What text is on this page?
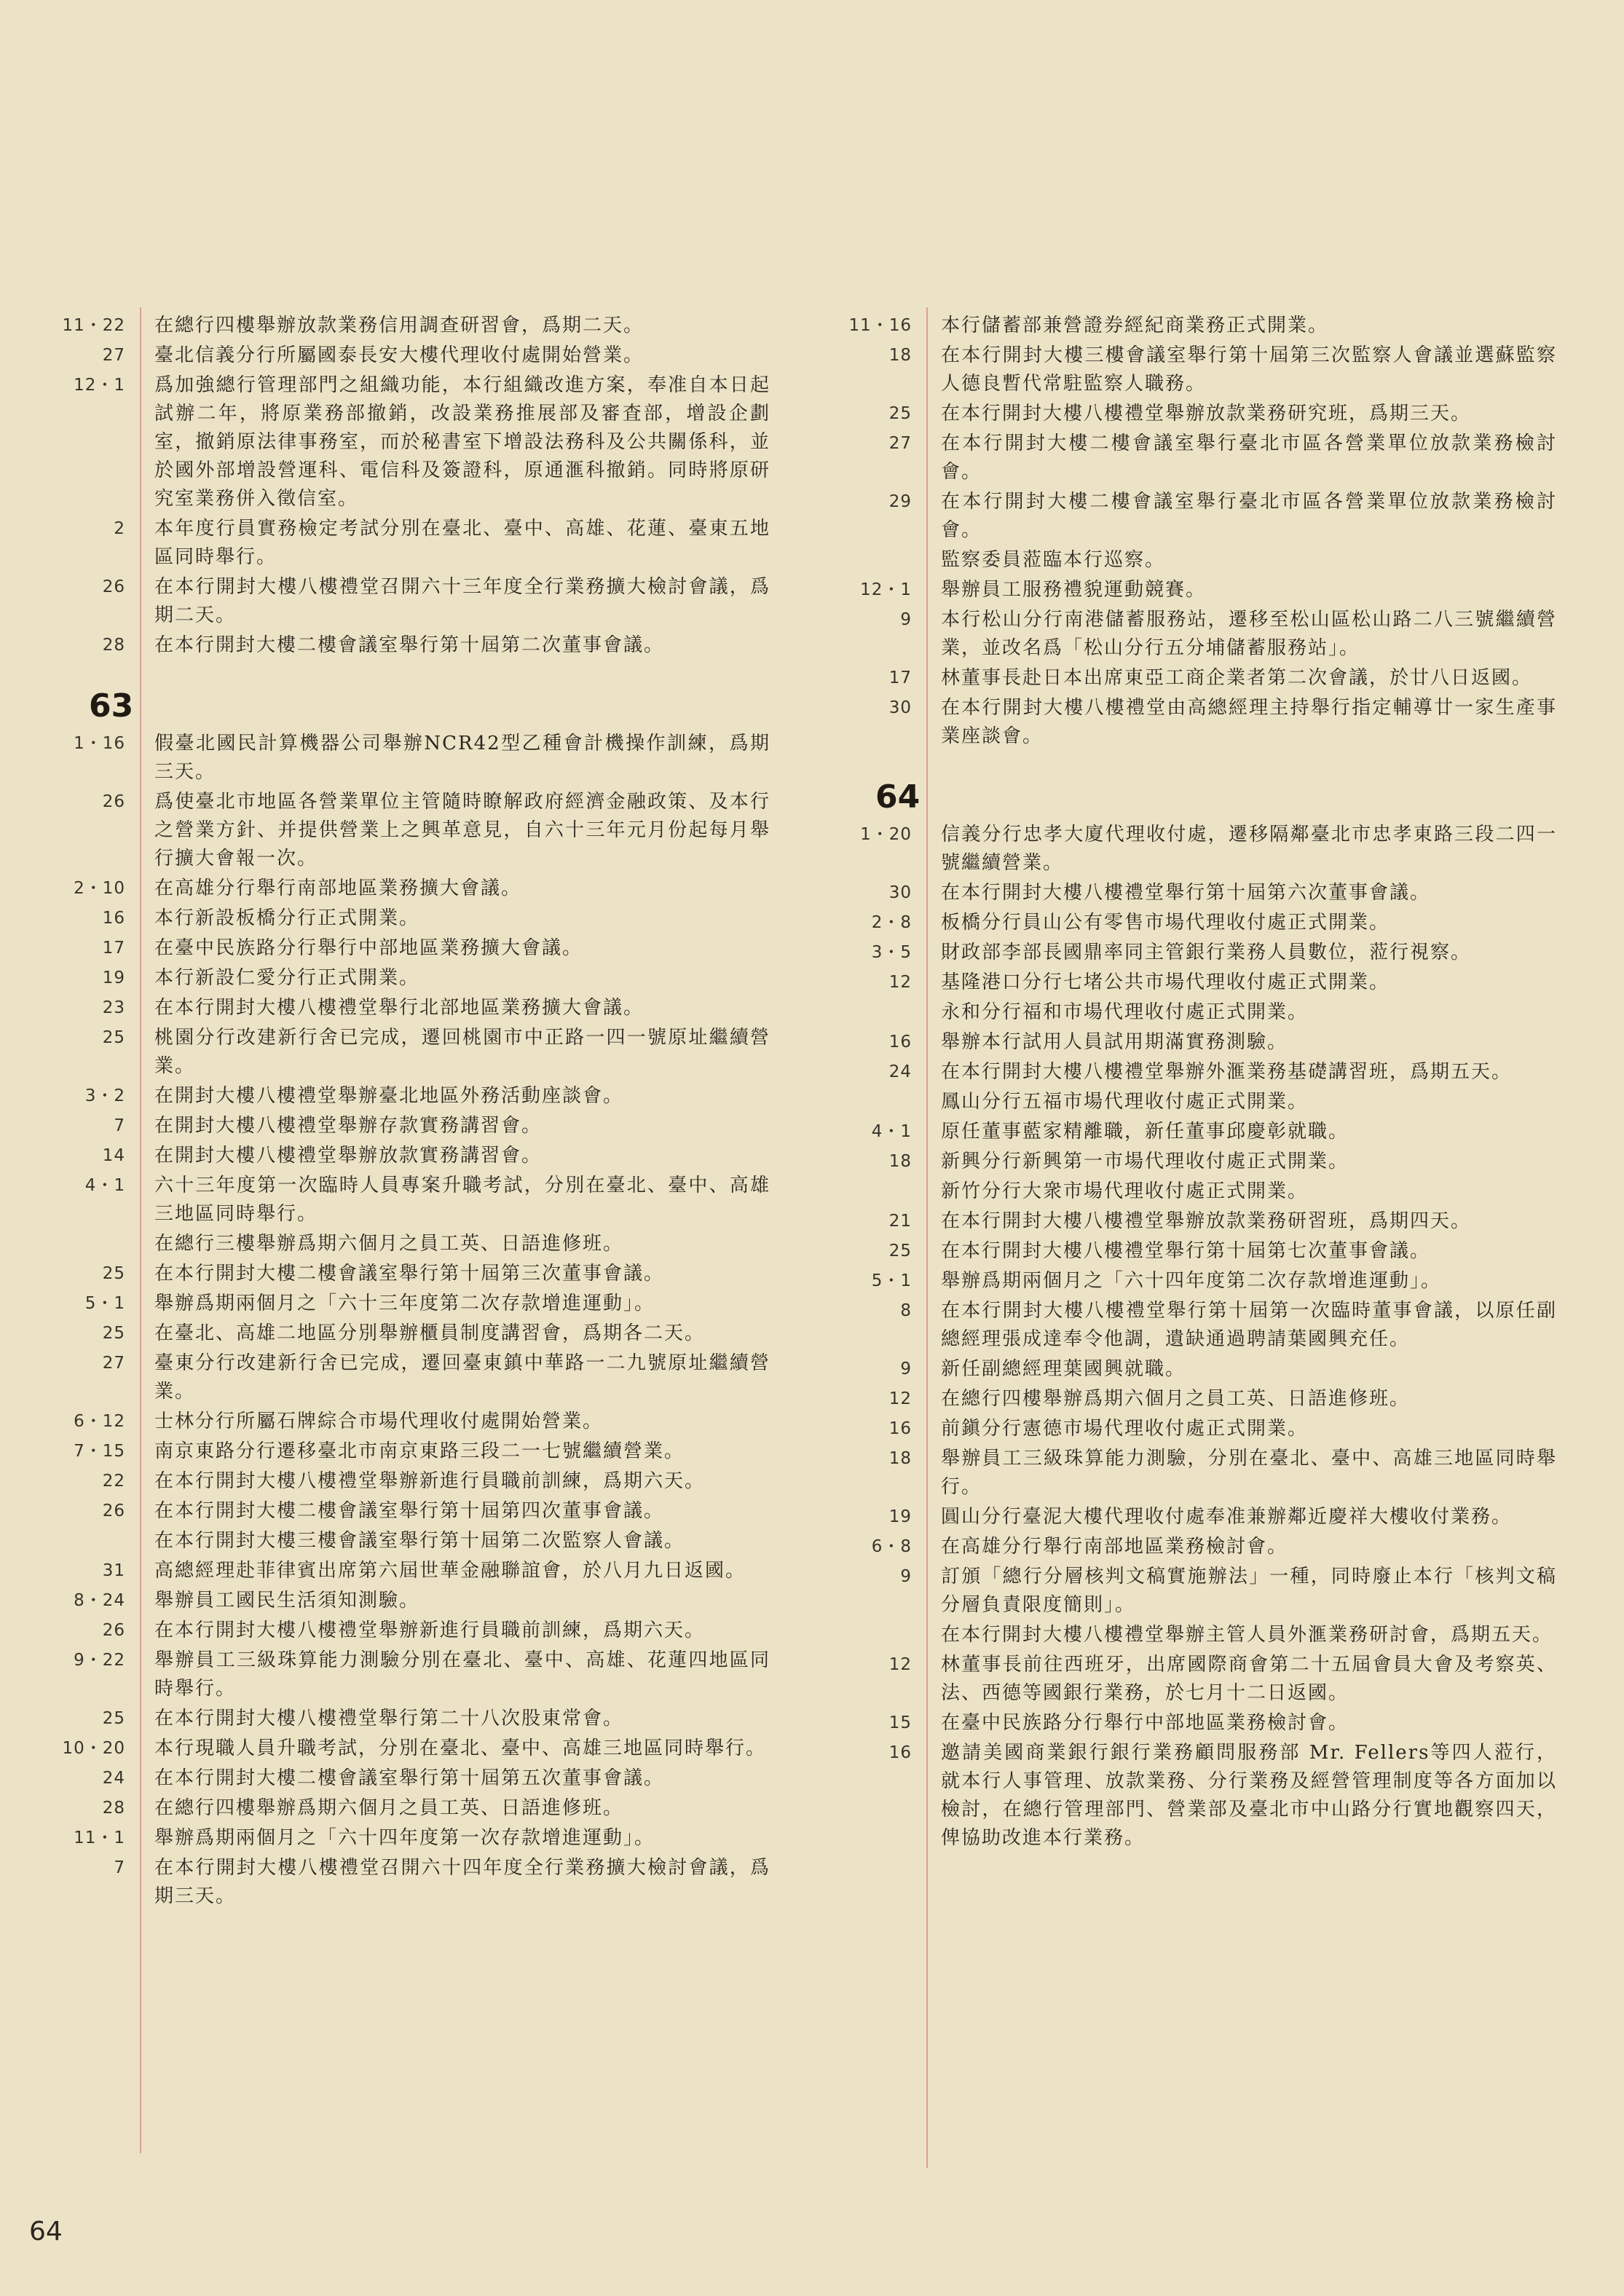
11・22 在總行四樓舉辦放款業務信用調查研習會，爲期二天。
27 臺北信義分行所屬國泰長安大樓代理收付處開始營業。
12・1 爲加強總行管理部門之組織功能，本行組織改進方案，奉准自本日起試辦二年，將原業務部撤銷，改設業務推展部及審査部，增設企劃室，撤銷原法律事務室，而於秘書室下增設法務科及公共關係科，並於國外部增設營運科、電信科及簽證科，原通滙科撤銷。同時將原研究室業務併入徵信室。
2 本年度行員實務檢定考試分別在臺北、臺中、高雄、花蓮、臺東五地區同時舉行。
26 在本行開封大樓八樓禮堂召開六十三年度全行業務擴大檢討會議，爲期二天。
28 在本行開封大樓二樓會議室舉行第十屆第二次董事會議。
63
1・16 假臺北國民計算機器公司舉辦NCR42型乙種會計機操作訓練，爲期三天。
26 爲使臺北市地區各營業單位主管隨時瞭解政府經濟金融政策、及本行之營業方針、并提供營業上之興革意見，自六十三年元月份起每月舉行擴大會報一次。
2・10 在高雄分行舉行南部地區業務擴大會議。
16 本行新設板橋分行正式開業。
17 在臺中民族路分行舉行中部地區業務擴大會議。
19 本行新設仁愛分行正式開業。
23 在本行開封大樓八樓禮堂舉行北部地區業務擴大會議。
25 桃園分行改建新行舍已完成，遷回桃園市中正路一四一號原址繼續營業。
3・2 在開封大樓八樓禮堂舉辦臺北地區外務活動座談會。
7 在開封大樓八樓禮堂舉辦存款實務講習會。
14 在開封大樓八樓禮堂舉辦放款實務講習會。
4・1 六十三年度第一次臨時人員專案升職考試，分別在臺北、臺中、高雄三地區同時舉行。
在總行三樓舉辦爲期六個月之員工英、日語進修班。
25 在本行開封大樓二樓會議室舉行第十屆第三次董事會議。
5・1 舉辦爲期兩個月之「六十三年度第二次存款增進運動」。
25 在臺北、高雄二地區分別舉辦櫃員制度講習會，爲期各二天。
27 臺東分行改建新行舍已完成，遷回臺東鎮中華路一二九號原址繼續營業。
6・12 士林分行所屬石牌綜合市場代理收付處開始營業。
7・15 南京東路分行遷移臺北市南京東路三段二一七號繼續營業。
22 在本行開封大樓八樓禮堂舉辦新進行員職前訓練，爲期六天。
26 在本行開封大樓二樓會議室舉行第十屆第四次董事會議。
在本行開封大樓三樓會議室舉行第十屆第二次監察人會議。
31 高總經理赴菲律賓出席第六屆世華金融聯誼會，於八月九日返國。
8・24 舉辦員工國民生活須知測驗。
26 在本行開封大樓八樓禮堂舉辦新進行員職前訓練，爲期六天。
9・22 舉辦員工三級珠算能力測驗分別在臺北、臺中、高雄、花蓮四地區同時舉行。
25 在本行開封大樓八樓禮堂舉行第二十八次股東常會。
10・20 本行現職人員升職考試，分別在臺北、臺中、高雄三地區同時舉行。
24 在本行開封大樓二樓會議室舉行第十屆第五次董事會議。
28 在總行四樓舉辦爲期六個月之員工英、日語進修班。
11・1 舉辦爲期兩個月之「六十四年度第一次存款增進運動」。
7 在本行開封大樓八樓禮堂召開六十四年度全行業務擴大檢討會議，爲期三天。
11・16 本行儲蓄部兼營證券經紀商業務正式開業。
18 在本行開封大樓三樓會議室舉行第十屆第三次監察人會議並選蘇監察人德良暫代常駐監察人職務。
25 在本行開封大樓八樓禮堂舉辦放款業務研究班，爲期三天。
27 在本行開封大樓二樓會議室舉行臺北市區各營業單位放款業務檢討會。
29 在本行開封大樓二樓會議室舉行臺北市區各營業單位放款業務檢討會。
監察委員蒞臨本行巡察。
12・1 舉辦員工服務禮貌運動競賽。
9 本行松山分行南港儲蓄服務站，遷移至松山區松山路二八三號繼續營業，並改名爲「松山分行五分埔儲蓄服務站」。
17 林董事長赴日本出席東亞工商企業者第二次會議，於廿八日返國。
30 在本行開封大樓八樓禮堂由高總經理主持舉行指定輔導廿一家生產事業座談會。
64
1・20 信義分行忠孝大廈代理收付處，遷移隔鄰臺北市忠孝東路三段二四一號繼續營業。
30 在本行開封大樓八樓禮堂舉行第十屆第六次董事會議。
2・8 板橋分行員山公有零售市場代理收付處正式開業。
3・5 財政部李部長國鼎率同主管銀行業務人員數位，蒞行視察。
12 基隆港口分行七堵公共市場代理收付處正式開業。
永和分行福和市場代理收付處正式開業。
16 舉辦本行試用人員試用期滿實務測驗。
24 在本行開封大樓八樓禮堂舉辦外滙業務基礎講習班，爲期五天。
鳳山分行五福市場代理收付處正式開業。
4・1 原任董事藍家精離職，新任董事邱慶彰就職。
18 新興分行新興第一市場代理收付處正式開業。
新竹分行大衆市場代理收付處正式開業。
21 在本行開封大樓八樓禮堂舉辦放款業務研習班，爲期四天。
25 在本行開封大樓八樓禮堂舉行第十屆第七次董事會議。
5・1 舉辦爲期兩個月之「六十四年度第二次存款增進運動」。
8 在本行開封大樓八樓禮堂舉行第十屆第一次臨時董事會議，以原任副總經理張成達奉令他調，遺缺通過聘請葉國興充任。
9 新任副總經理葉國興就職。
12 在總行四樓舉辦爲期六個月之員工英、日語進修班。
16 前鎭分行憲德市場代理收付處正式開業。
18 舉辦員工三級珠算能力測驗，分別在臺北、臺中、高雄三地區同時舉行。
19 圓山分行臺泥大樓代理收付處奉准兼辦鄰近慶祥大樓收付業務。
6・8 在高雄分行舉行南部地區業務檢討會。
9 訂頒「總行分層核判文稿實施辦法」一種，同時廢止本行「核判文稿分層負責限度簡則」。
在本行開封大樓八樓禮堂舉辦主管人員外滙業務研討會，爲期五天。
12 林董事長前往西班牙，出席國際商會第二十五屆會員大會及考察英、法、西德等國銀行業務，於七月十二日返國。
15 在臺中民族路分行舉行中部地區業務檢討會。
16 邀請美國商業銀行銀行業務顧問服務部 Mr. Fellers等四人蒞行，就本行人事管理、放款業務、分行業務及經營管理制度等各方面加以檢討，在總行管理部門、營業部及臺北市中山路分行實地觀察四天，俾協助改進本行業務。
64
